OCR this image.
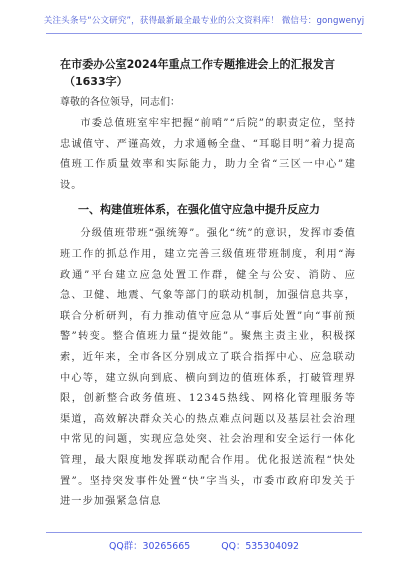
关注头条号“公文研究”，获得最新最全最专业的公文资料库！ 微信号：gongwenyj
在市委办公室2024年重点工作专题推进会上的汇报发言
（1633字）
尊敬的各位领导，同志们：

市委总值班室牢牢把握“前哨”“后院”的职责定位，坚持忠诚值守、严谨高效，力求通畅全盘、“耳聪目明”着力提高值班工作质量效率和实际能力，助力全省“三区一中心”建设。

一、构建值班体系，在强化值守应急中提升反应力

分级值班带班“强统筹”。强化“统”的意识，发挥市委值班工作的抓总作用，建立完善三级值班带班制度，利用“海政通”平台建立应急处置工作群，健全与公安、消防、应急、卫健、地震、气象等部门的联动机制，加强信息共享，联合分析研判，有力推动值守应急从“事后处置”向“事前预警”转变。整合值班力量“提效能”。聚焦主责主业，积极探索，近年来，全市各区分别成立了联合指挥中心、应急联动中心等，建立纵向到底、横向到边的值班体系，打破管理界限，创新整合政务值班、12345热线、网格化管理服务等渠道，高效解决群众关心的热点难点问题以及基层社会治理中常见的问题，实现应急处突、社会治理和安全运行一体化管理，最大限度地发挥联动配合作用。优化报送流程“快处置”。坚持突发事件处置“快”字当头，市委市政府印发关于进一步加强紧急信息

QQ群：30265665	QQ：535304092
